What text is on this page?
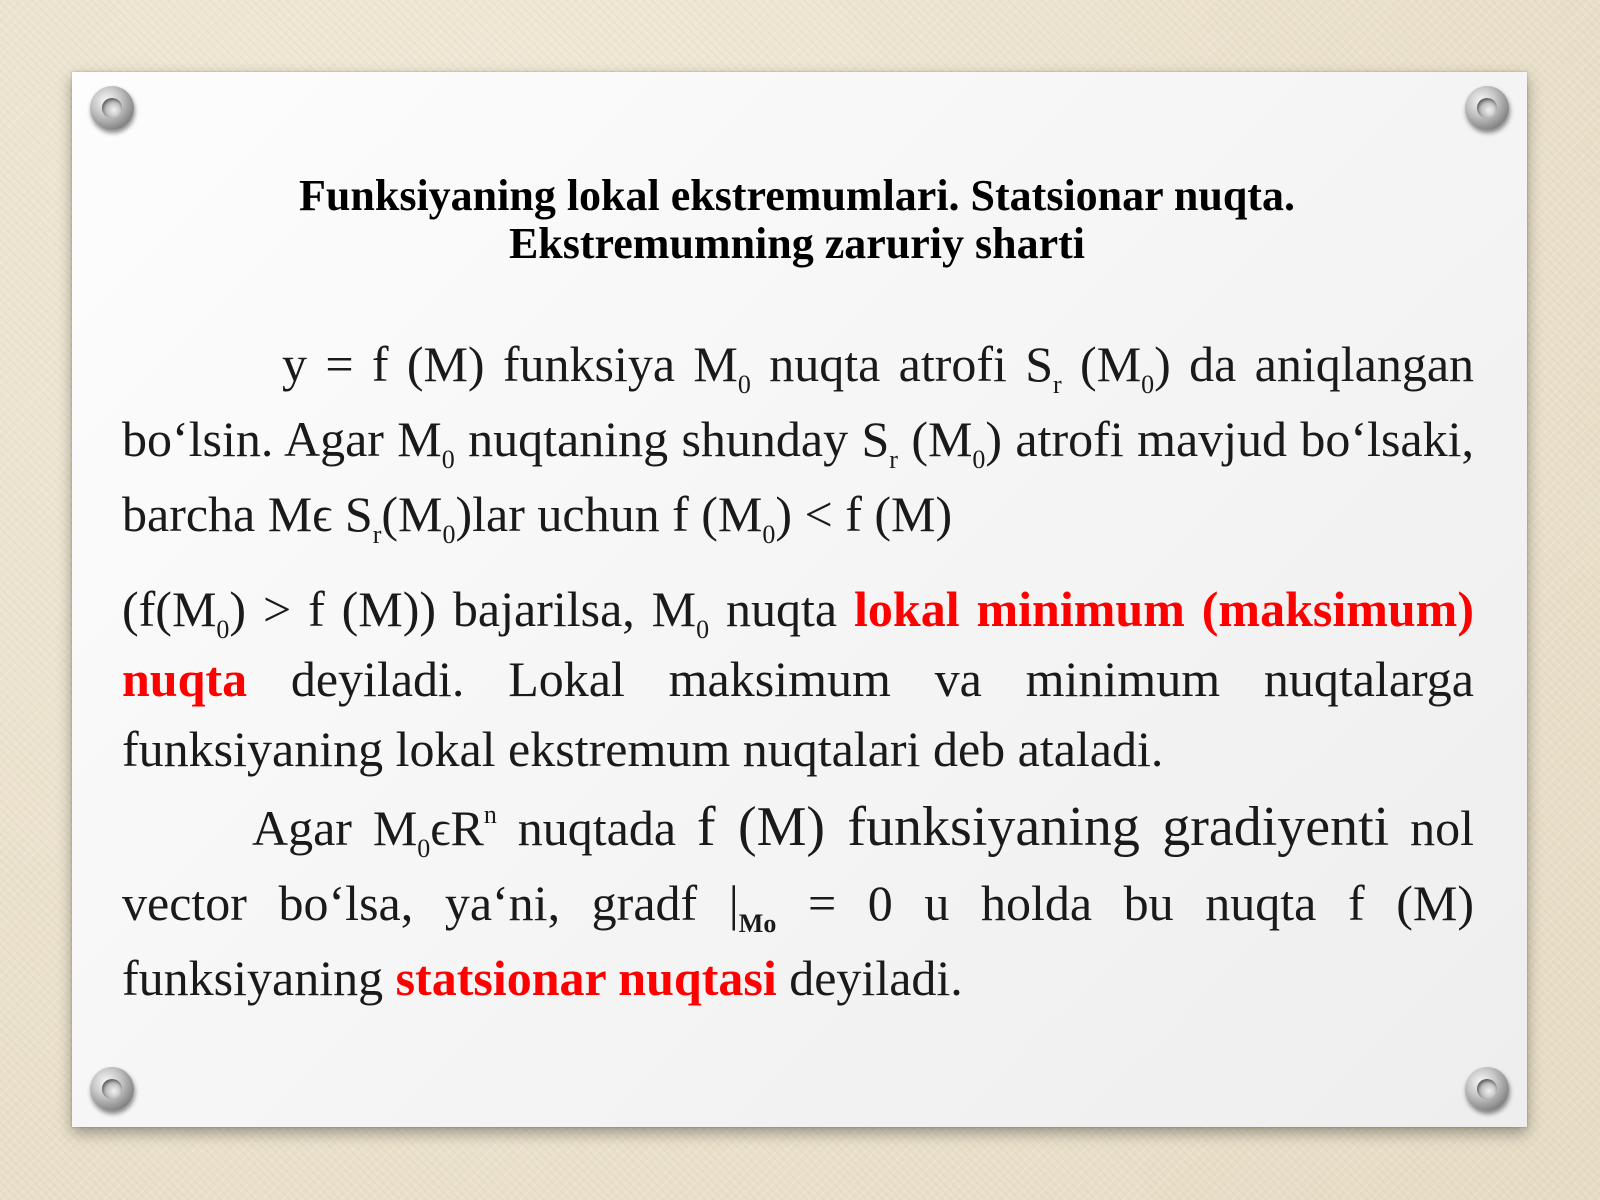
Funksiyaning lokal ekstremumlari. Statsionar nuqta.
Ekstremumning zaruriy sharti

y = f (M) funksiya $M_0$ nuqta atrofi $S_r$ $(M_0)$ da aniqlangan bo‘lsin. Agar $M_0$ nuqtaning shunday $S_r$ $(M_0)$ atrofi mavjud bo‘lsaki, barcha Mϵ $S_r(M_0)lar$ uchun f $(M_0) < f$ (M)

($f(M_0) > f$ (M)) bajarilsa, $M_0$ nuqta lokal minimum (maksimum) nuqta deyiladi. Lokal maksimum va minimum nuqtalarga funksiyaning lokal ekstremum nuqtalari deb ataladi.

Agar $M_0\epsilon R^n$ nuqtada f (M) funksiyaning gradiyenti nol vector bo‘lsa, ya‘ni, gradf $|_{Mo} = 0$ u holda bu nuqta f (M) funksiyaning statsionar nuqtasi deyiladi.
